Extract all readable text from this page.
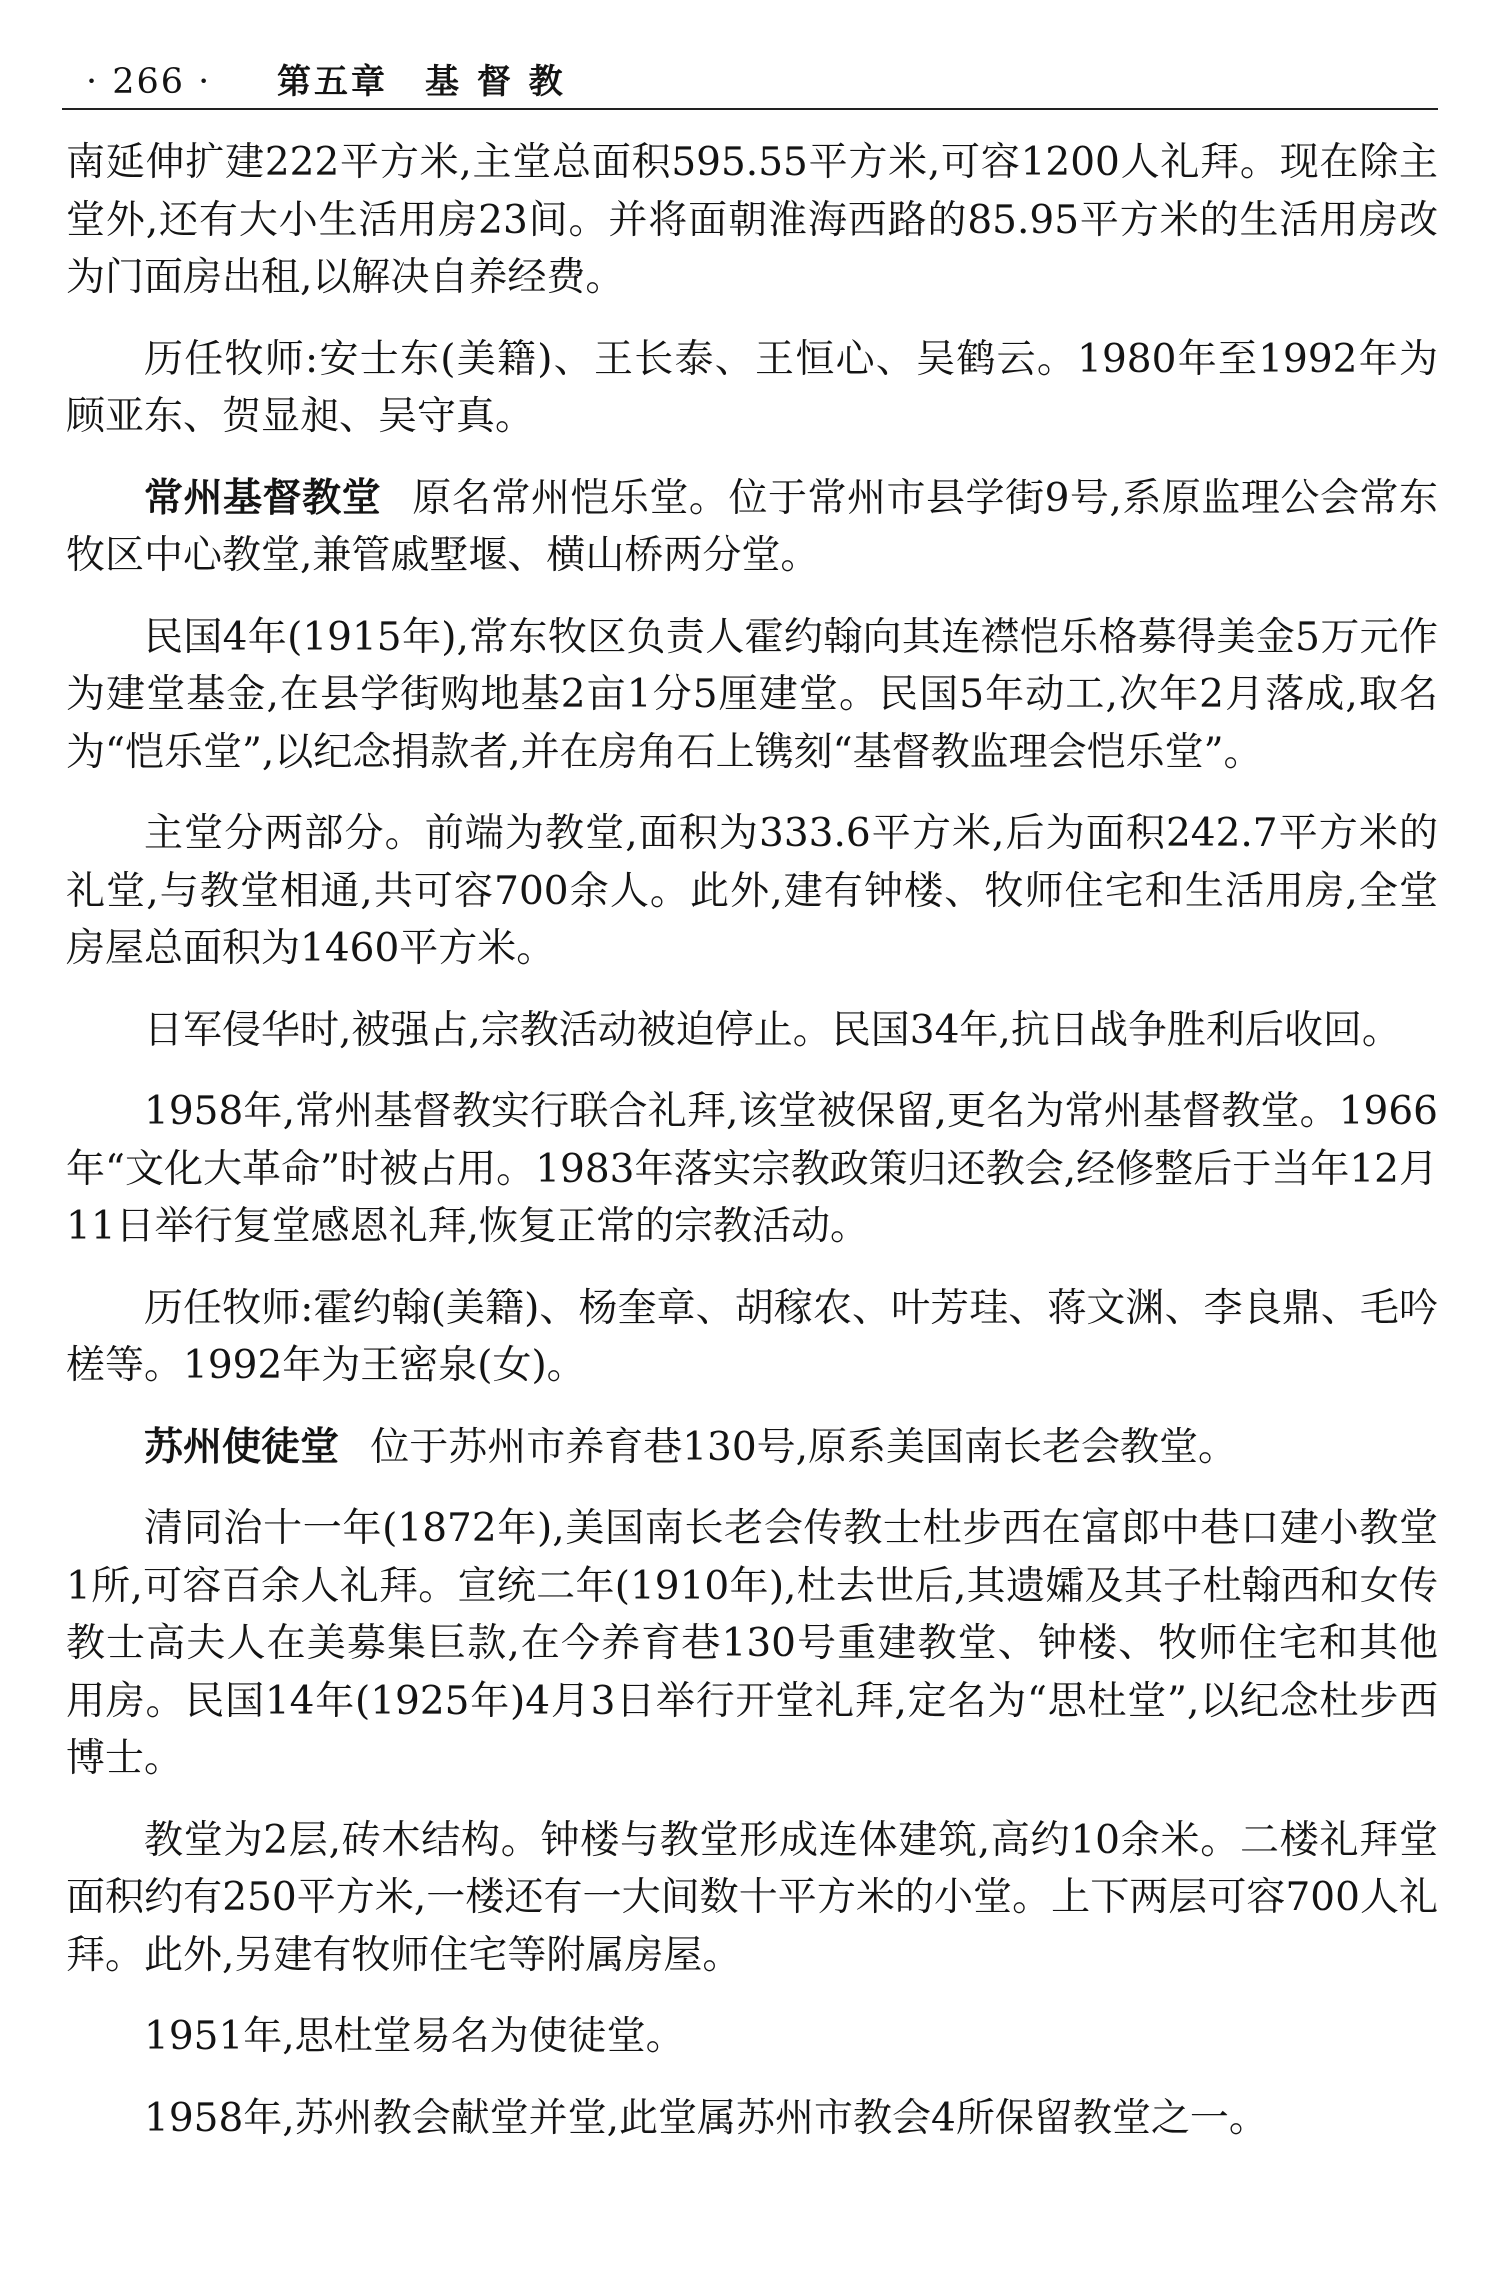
· 266 · 第五章　基 督 教

南延伸扩建222平方米,主堂总面积595.55平方米,可容1200人礼拜。现在除主堂外,还有大小生活用房23间。并将面朝淮海西路的85.95平方米的生活用房改为门面房出租,以解决自养经费。

历任牧师:安士东(美籍)、王长泰、王恒心、吴鹤云。1980年至1992年为顾亚东、贺显昶、吴守真。

常州基督教堂 原名常州恺乐堂。位于常州市县学街9号,系原监理公会常东牧区中心教堂,兼管戚墅堰、横山桥两分堂。

民国4年(1915年),常东牧区负责人霍约翰向其连襟恺乐格募得美金5万元作为建堂基金,在县学街购地基2亩1分5厘建堂。民国5年动工,次年2月落成,取名为“恺乐堂”,以纪念捐款者,并在房角石上镌刻“基督教监理会恺乐堂”。

主堂分两部分。前端为教堂,面积为333.6平方米,后为面积242.7平方米的礼堂,与教堂相通,共可容700余人。此外,建有钟楼、牧师住宅和生活用房,全堂房屋总面积为1460平方米。

日军侵华时,被强占,宗教活动被迫停止。民国34年,抗日战争胜利后收回。

1958年,常州基督教实行联合礼拜,该堂被保留,更名为常州基督教堂。1966年“文化大革命”时被占用。1983年落实宗教政策归还教会,经修整后于当年12月11日举行复堂感恩礼拜,恢复正常的宗教活动。

历任牧师:霍约翰(美籍)、杨奎章、胡稼农、叶芳珪、蒋文渊、李良鼎、毛吟槎等。1992年为王密泉(女)。

苏州使徒堂 位于苏州市养育巷130号,原系美国南长老会教堂。

清同治十一年(1872年),美国南长老会传教士杜步西在富郎中巷口建小教堂1所,可容百余人礼拜。宣统二年(1910年),杜去世后,其遗孀及其子杜翰西和女传教士高夫人在美募集巨款,在今养育巷130号重建教堂、钟楼、牧师住宅和其他用房。民国14年(1925年)4月3日举行开堂礼拜,定名为“思杜堂”,以纪念杜步西博士。

教堂为2层,砖木结构。钟楼与教堂形成连体建筑,高约10余米。二楼礼拜堂面积约有250平方米,一楼还有一大间数十平方米的小堂。上下两层可容700人礼拜。此外,另建有牧师住宅等附属房屋。

1951年,思杜堂易名为使徒堂。

1958年,苏州教会献堂并堂,此堂属苏州市教会4所保留教堂之一。
